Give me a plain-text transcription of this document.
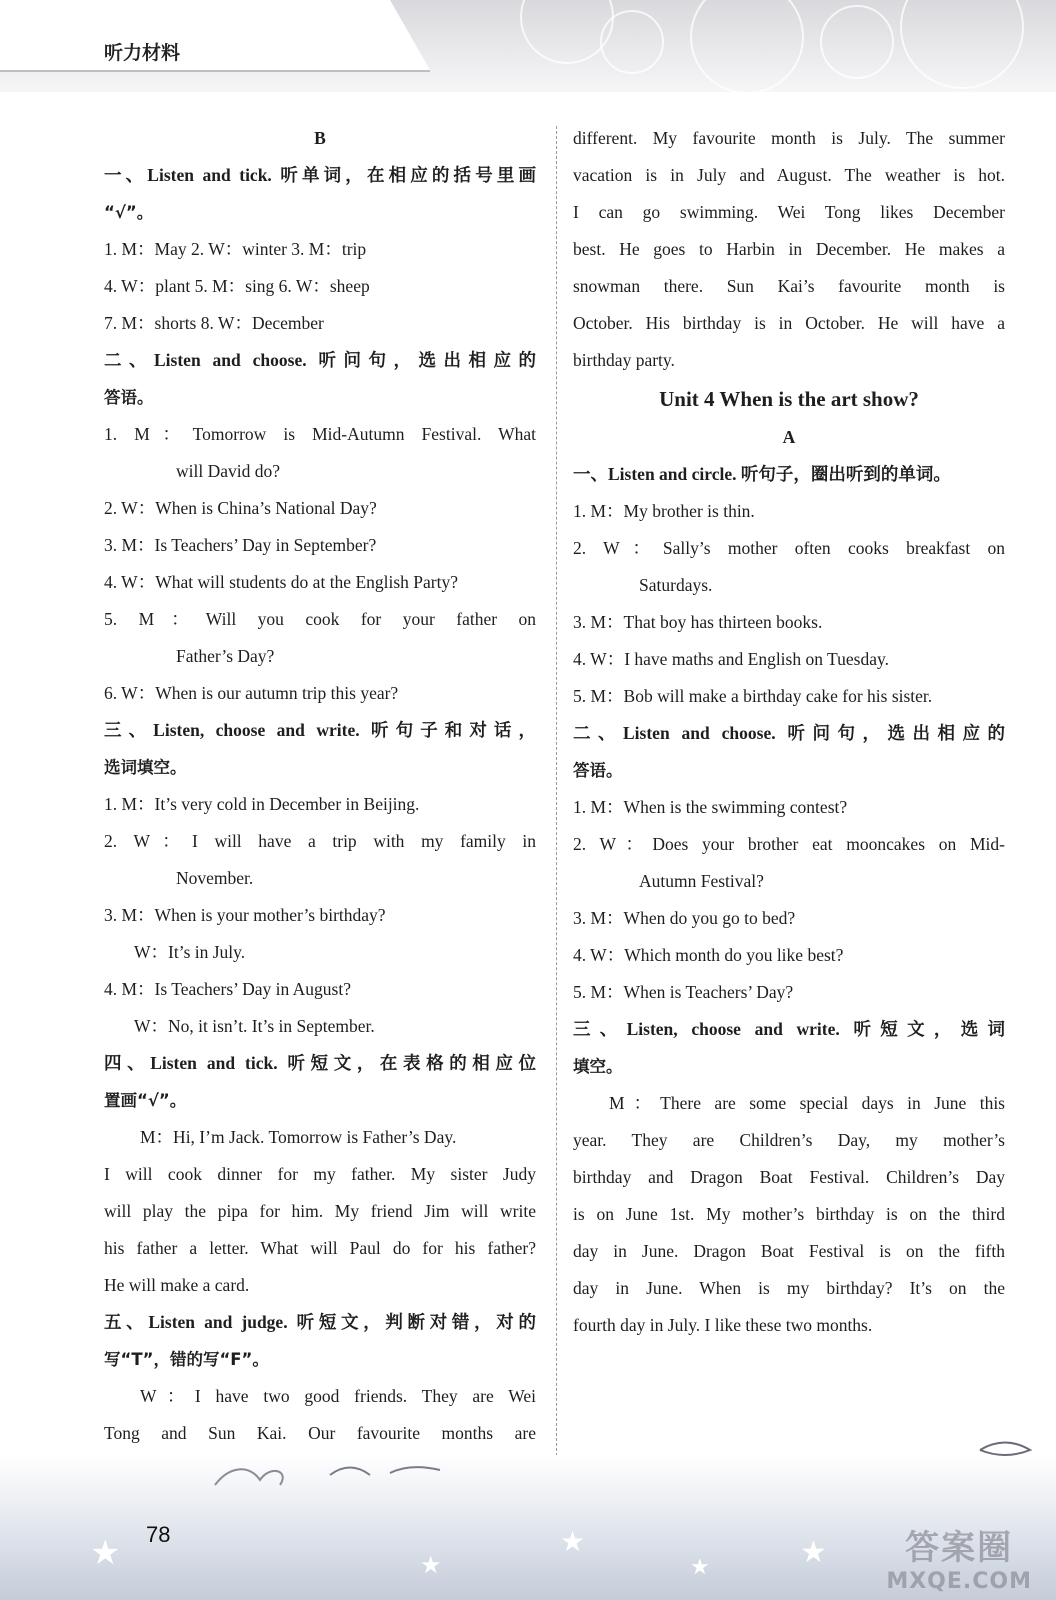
听力材料
B
一、Listen and tick. 听单词，在相应的括号里画
“√”。
1. M：May 2. W：winter 3. M：trip
4. W：plant 5. M：sing 6. W：sheep
7. M：shorts 8. W：December
二、Listen and choose. 听问句，选出相应的
答语。
1. M：Tomorrow is Mid-Autumn Festival. What
will David do?
2. W：When is China’s National Day?
3. M：Is Teachers’ Day in September?
4. W：What will students do at the English Party?
5. M：Will you cook for your father on
Father’s Day?
6. W：When is our autumn trip this year?
三、Listen, choose and write. 听句子和对话，
选词填空。
1. M：It’s very cold in December in Beijing.
2. W：I will have a trip with my family in
November.
3. M：When is your mother’s birthday?
W：It’s in July.
4. M：Is Teachers’ Day in August?
W：No, it isn’t. It’s in September.
四、Listen and tick. 听短文，在表格的相应位
置画“√”。
M：Hi, I’m Jack. Tomorrow is Father’s Day.
I will cook dinner for my father. My sister Judy
will play the pipa for him. My friend Jim will write
his father a letter. What will Paul do for his father?
He will make a card.
五、Listen and judge. 听短文，判断对错，对的
写“T”，错的写“F”。
W：I have two good friends. They are Wei
Tong and Sun Kai. Our favourite months are
different. My favourite month is July. The summer
vacation is in July and August. The weather is hot.
I can go swimming. Wei Tong likes December
best. He goes to Harbin in December. He makes a
snowman there. Sun Kai’s favourite month is
October. His birthday is in October. He will have a
birthday party.
Unit 4 When is the art show?
A
一、Listen and circle. 听句子，圈出听到的单词。
1. M：My brother is thin.
2. W：Sally’s mother often cooks breakfast on
Saturdays.
3. M：That boy has thirteen books.
4. W：I have maths and English on Tuesday.
5. M：Bob will make a birthday cake for his sister.
二、Listen and choose. 听问句，选出相应的
答语。
1. M：When is the swimming contest?
2. W：Does your brother eat mooncakes on Mid-
Autumn Festival?
3. M：When do you go to bed?
4. W：Which month do you like best?
5. M：When is Teachers’ Day?
三、Listen, choose and write. 听短文，选词
填空。
M：There are some special days in June this
year. They are Children’s Day, my mother’s
birthday and Dragon Boat Festival. Children’s Day
is on June 1st. My mother’s birthday is on the third
day in June. Dragon Boat Festival is on the fifth
day in June. When is my birthday? It’s on the
fourth day in July. I like these two months.
★	★
★
★	★	答案圈
MXQE.COM
78
